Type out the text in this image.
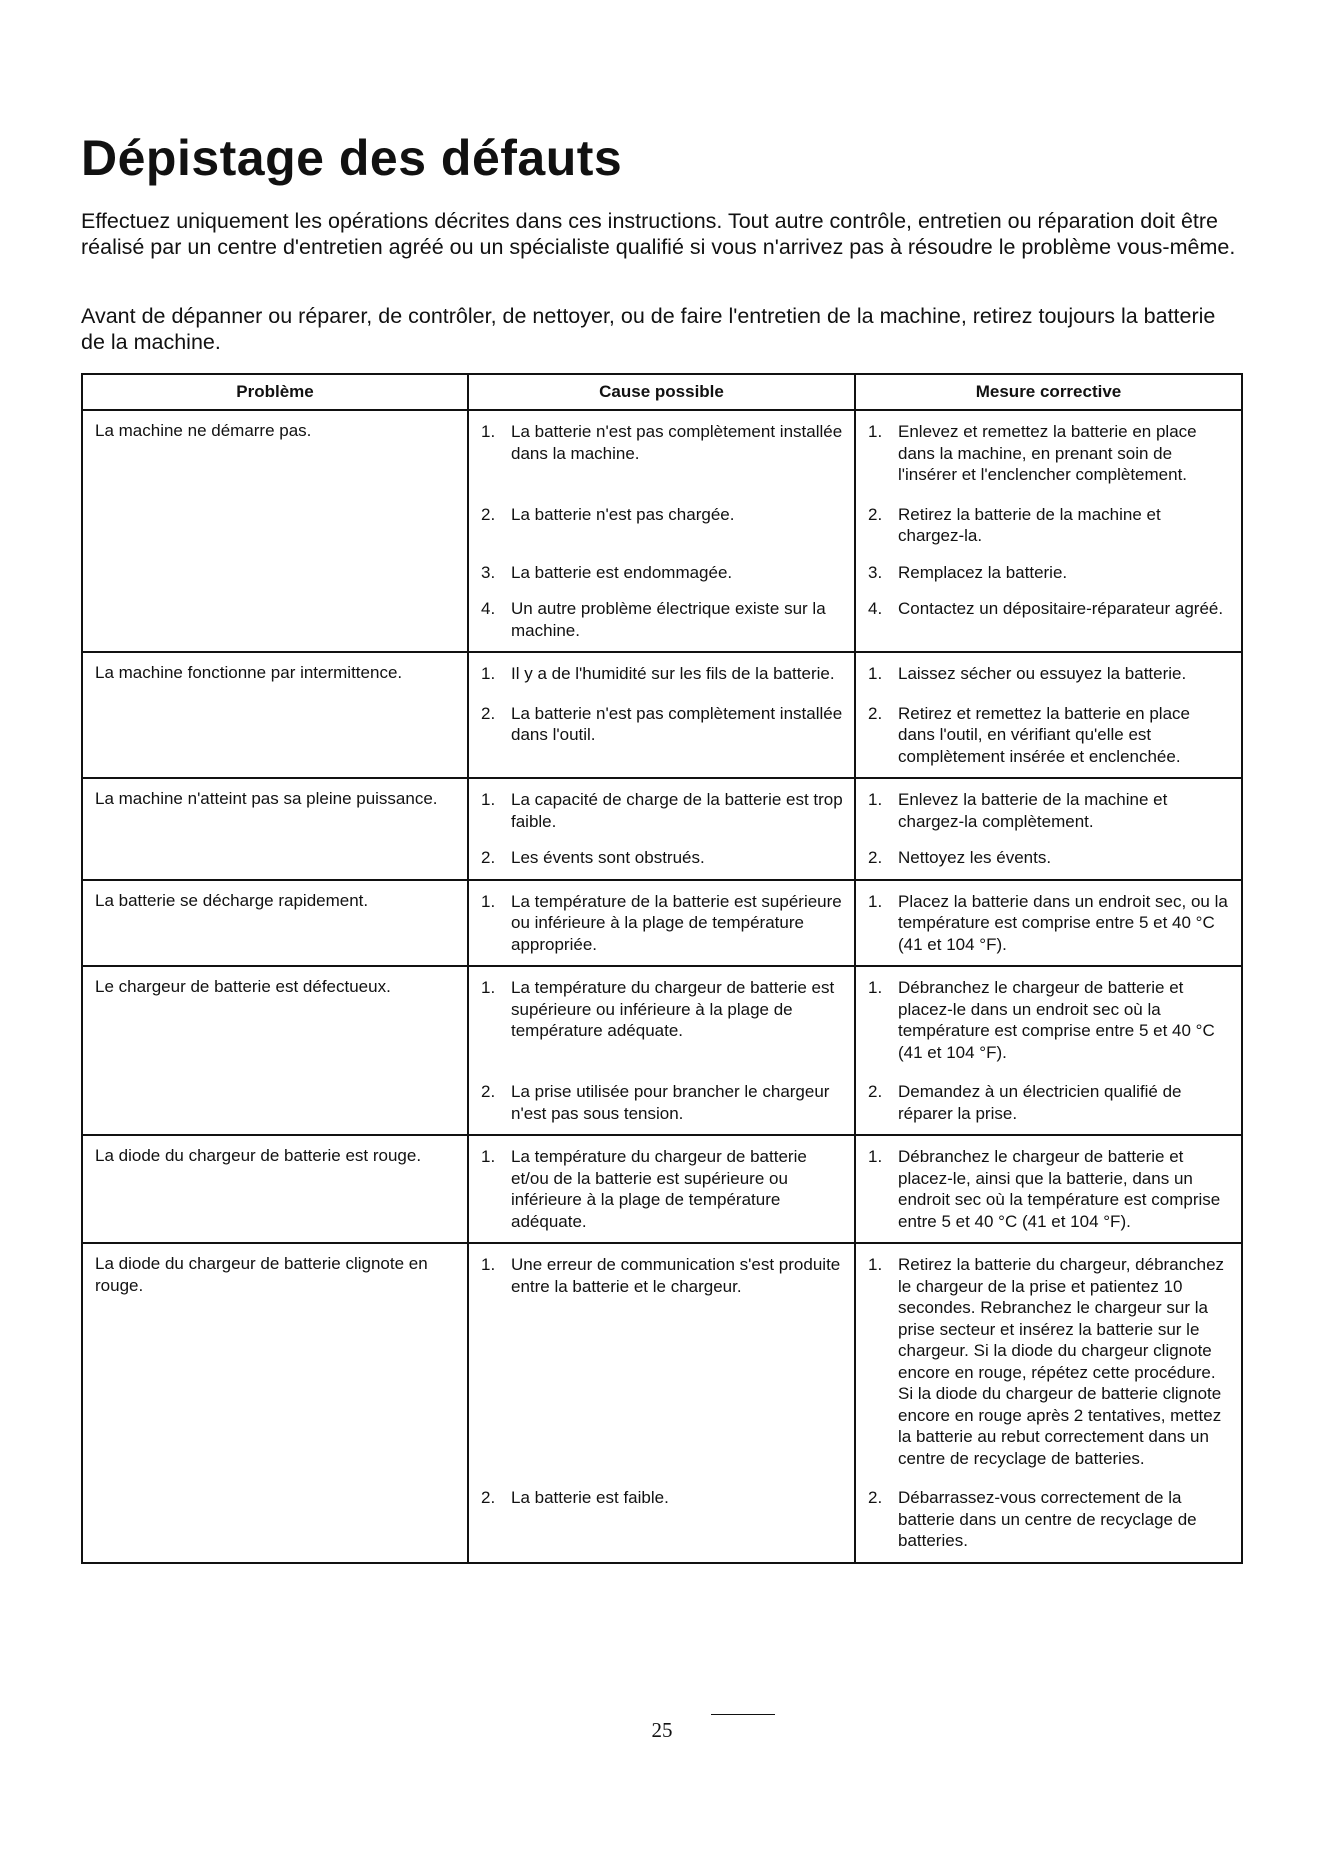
Dépistage des défauts

Effectuez uniquement les opérations décrites dans ces instructions. Tout autre contrôle, entretien ou réparation doit être réalisé par un centre d'entretien agréé ou un spécialiste qualifié si vous n'arrivez pas à résoudre le problème vous-même.

Avant de dépanner ou réparer, de contrôler, de nettoyer, ou de faire l'entretien de la machine, retirez toujours la batterie de la machine.

Problème	Cause possible	Mesure corrective
La machine ne démarre pas.	1. La batterie n'est pas complètement installée dans la machine.	1. Enlevez et remettez la batterie en place dans la machine, en prenant soin de l'insérer et l'enclencher complètement.

	2. La batterie n'est pas chargée.	2. Retirez la batterie de la machine et chargez-la.

	3. La batterie est endommagée.	3. Remplacez la batterie.

	4. Un autre problème électrique existe sur la machine.	4. Contactez un dépositaire-réparateur agréé.

La machine fonctionne par intermittence.	1. Il y a de l'humidité sur les fils de la batterie.	1. Laissez sécher ou essuyez la batterie.

	2. La batterie n'est pas complètement installée dans l'outil.	2. Retirez et remettez la batterie en place dans l'outil, en vérifiant qu'elle est complètement insérée et enclenchée.

La machine n'atteint pas sa pleine puissance.	1. La capacité de charge de la batterie est trop faible.	1. Enlevez la batterie de la machine et chargez-la complètement.

	2. Les évents sont obstrués.	2. Nettoyez les évents.

La batterie se décharge rapidement.	1. La température de la batterie est supérieure ou inférieure à la plage de température appropriée.	1. Placez la batterie dans un endroit sec, ou la température est comprise entre 5 et 40 °C (41 et 104 °F).

Le chargeur de batterie est défectueux.	1. La température du chargeur de batterie est supérieure ou inférieure à la plage de température adéquate.	1. Débranchez le chargeur de batterie et placez-le dans un endroit sec où la température est comprise entre 5 et 40 °C (41 et 104 °F).

	2. La prise utilisée pour brancher le chargeur n'est pas sous tension.	2. Demandez à un électricien qualifié de réparer la prise.

La diode du chargeur de batterie est rouge.	1. La température du chargeur de batterie et/ou de la batterie est supérieure ou inférieure à la plage de température adéquate.	1. Débranchez le chargeur de batterie et placez-le, ainsi que la batterie, dans un endroit sec où la température est comprise entre 5 et 40 °C (41 et 104 °F).

La diode du chargeur de batterie clignote en rouge.	1. Une erreur de communication s'est produite entre la batterie et le chargeur.	1. Retirez la batterie du chargeur, débranchez le chargeur de la prise et patientez 10 secondes. Rebranchez le chargeur sur la prise secteur et insérez la batterie sur le chargeur. Si la diode du chargeur clignote encore en rouge, répétez cette procédure. Si la diode du chargeur de batterie clignote encore en rouge après 2 tentatives, mettez la batterie au rebut correctement dans un centre de recyclage de batteries.

	2. La batterie est faible.	2. Débarrassez-vous correctement de la batterie dans un centre de recyclage de batteries.
25
